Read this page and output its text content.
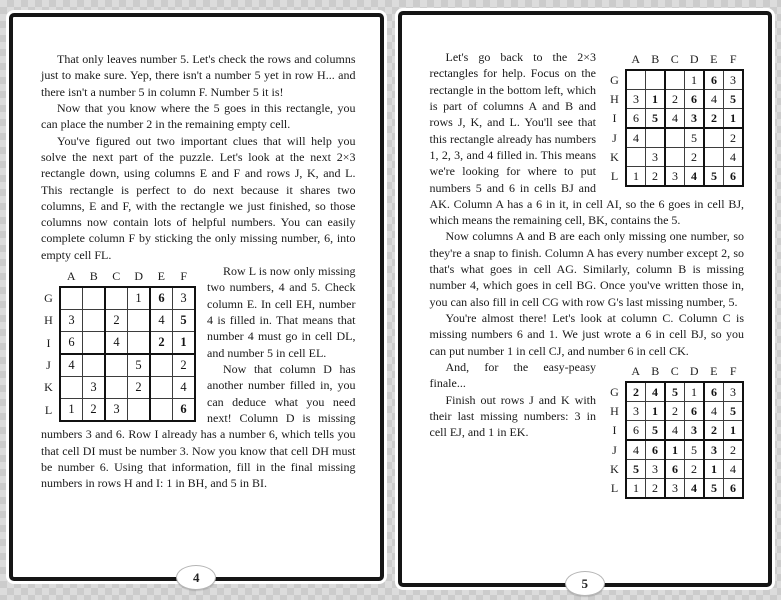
That only leaves number 5. Let's check the rows and columns just to make sure. Yep, there isn't a number 5 yet in row H... and there isn't a number 5 in column F. Number 5 it is!

Now that you know where the 5 goes in this rectangle, you can place the number 2 in the remaining empty cell.

You've figured out two important clues that will help you solve the next part of the puzzle. Let's look at the next 2×3 rectangle down, using columns E and F and rows J, K, and L. This rectangle is perfect to do next because it shares two columns, E and F, with the rectangle we just finished, so those columns now contain lots of helpful numbers. You can easily complete column F by sticking the only missing number, 6, into empty cell FL.

	A	B	C	D	E	F
G				1	6	3
H	3		2		4	5
I	6		4		2	1
J	4			5		2
K		3		2		4
L	1	2	3			6

Row L is now only missing two numbers, 4 and 5. Check column E. In cell EH, number 4 is filled in. That means that number 4 must go in cell DL, and number 5 in cell EL.

Now that column D has another number filled in, you can deduce what you need next! Column D is missing numbers 3 and 6. Row I already has a number 6, which tells you that cell DI must be number 3. Now you know that cell DH must be number 6. Using that information, fill in the final missing numbers in rows H and I: 1 in BH, and 5 in BI.

4
	A	B	C	D	E	F
G				1	6	3
H	3	1	2	6	4	5
I	6	5	4	3	2	1
J	4			5		2
K		3		2		4
L	1	2	3	4	5	6

Let's go back to the 2×3 rectangles for help. Focus on the rectangle in the bottom left, which is part of columns A and B and rows J, K, and L. You'll see that this rectangle already has numbers 1, 2, 3, and 4 filled in. This means we're looking for where to put numbers 5 and 6 in cells BJ and AK. Column A has a 6 in it, in cell AI, so the 6 goes in cell BJ, which means the remaining cell, BK, contains the 5.

Now columns A and B are each only missing one number, so they're a snap to finish. Column A has every number except 2, so that's what goes in cell AG. Similarly, column B is missing number 4, which goes in cell BG. Once you've written those in, you can also fill in cell CG with row G's last missing number, 5.

You're almost there! Let's look at column C. Column C is missing numbers 6 and 1. We just wrote a 6 in cell BJ, so you can put number 1 in cell CJ, and number 6 in cell CK.

	A	B	C	D	E	F
G	2	4	5	1	6	3
H	3	1	2	6	4	5
I	6	5	4	3	2	1
J	4	6	1	5	3	2
K	5	3	6	2	1	4
L	1	2	3	4	5	6

And, for the easy-peasy finale...

Finish out rows J and K with their last missing numbers: 3 in cell EJ, and 1 in EK.

5
